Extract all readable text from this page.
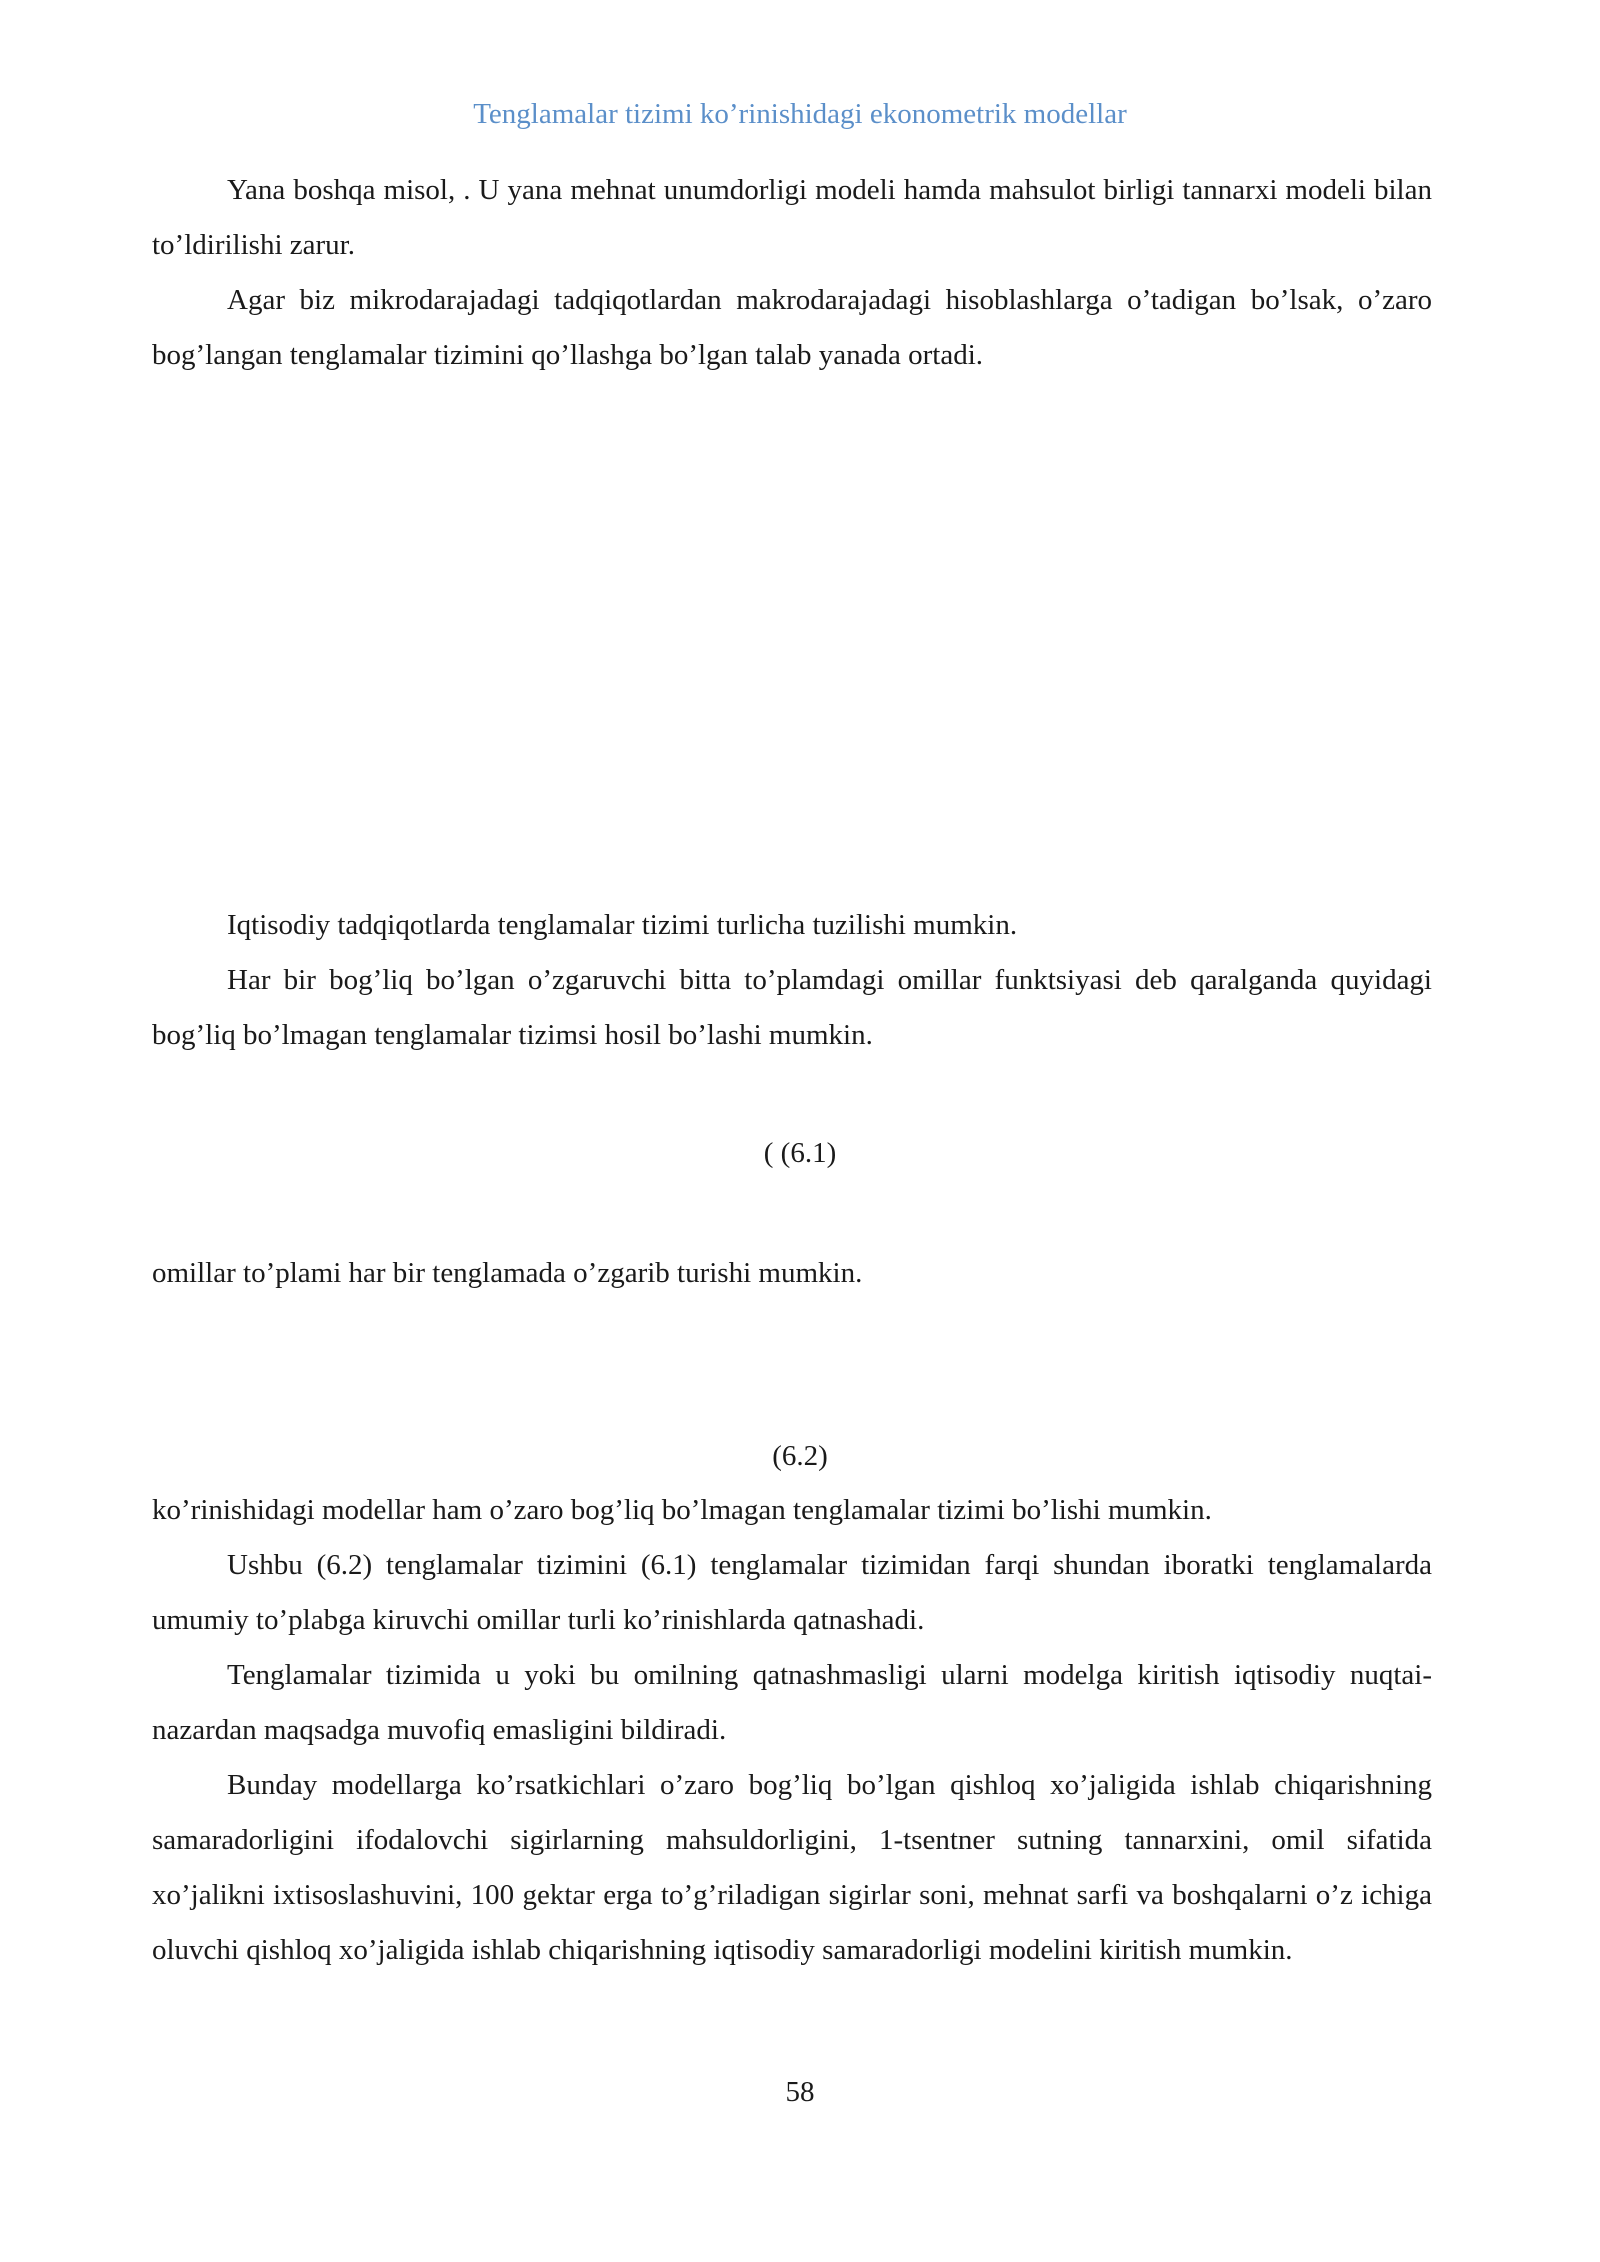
Tenglamalar tizimi ko’rinishidagi ekonometrik modellar

Yana boshqa misol, . U yana mehnat unumdorligi modeli hamda mahsulot birligi tannarxi modeli bilan to’ldirilishi zarur.

Agar biz mikrodarajadagi tadqiqotlardan makrodarajadagi hisoblashlarga o’tadigan bo’lsak, o’zaro bog’langan tenglamalar tizimini qo’llashga bo’lgan talab yanada ortadi.

Iqtisodiy tadqiqotlarda tenglamalar tizimi turlicha tuzilishi mumkin.

Har bir bog’liq bo’lgan o’zgaruvchi bitta to’plamdagi omillar funktsiyasi deb qaralganda quyidagi bog’liq bo’lmagan tenglamalar tizimsi hosil bo’lashi mumkin.

( (6.1)

omillar to’plami har bir tenglamada o’zgarib turishi mumkin.

(6.2)

ko’rinishidagi modellar ham o’zaro bog’liq bo’lmagan tenglamalar tizimi bo’lishi mumkin.

Ushbu (6.2) tenglamalar tizimini (6.1) tenglamalar tizimidan farqi shundan iboratki tenglamalarda umumiy to’plabga kiruvchi omillar turli ko’rinishlarda qatnashadi.

Tenglamalar tizimida u yoki bu omilning qatnashmasligi ularni modelga kiritish iqtisodiy nuqtai-nazardan maqsadga muvofiq emasligini bildiradi.

Bunday modellarga ko’rsatkichlari o’zaro bog’liq bo’lgan qishloq xo’jaligida ishlab chiqarishning samaradorligini ifodalovchi sigirlarning mahsuldorligini, 1-tsentner sutning tannarxini, omil sifatida xo’jalikni ixtisoslashuvini, 100 gektar erga to’g’riladigan sigirlar soni, mehnat sarfi va boshqalarni o’z ichiga oluvchi qishloq xo’jaligida ishlab chiqarishning iqtisodiy samaradorligi modelini kiritish mumkin.

58
